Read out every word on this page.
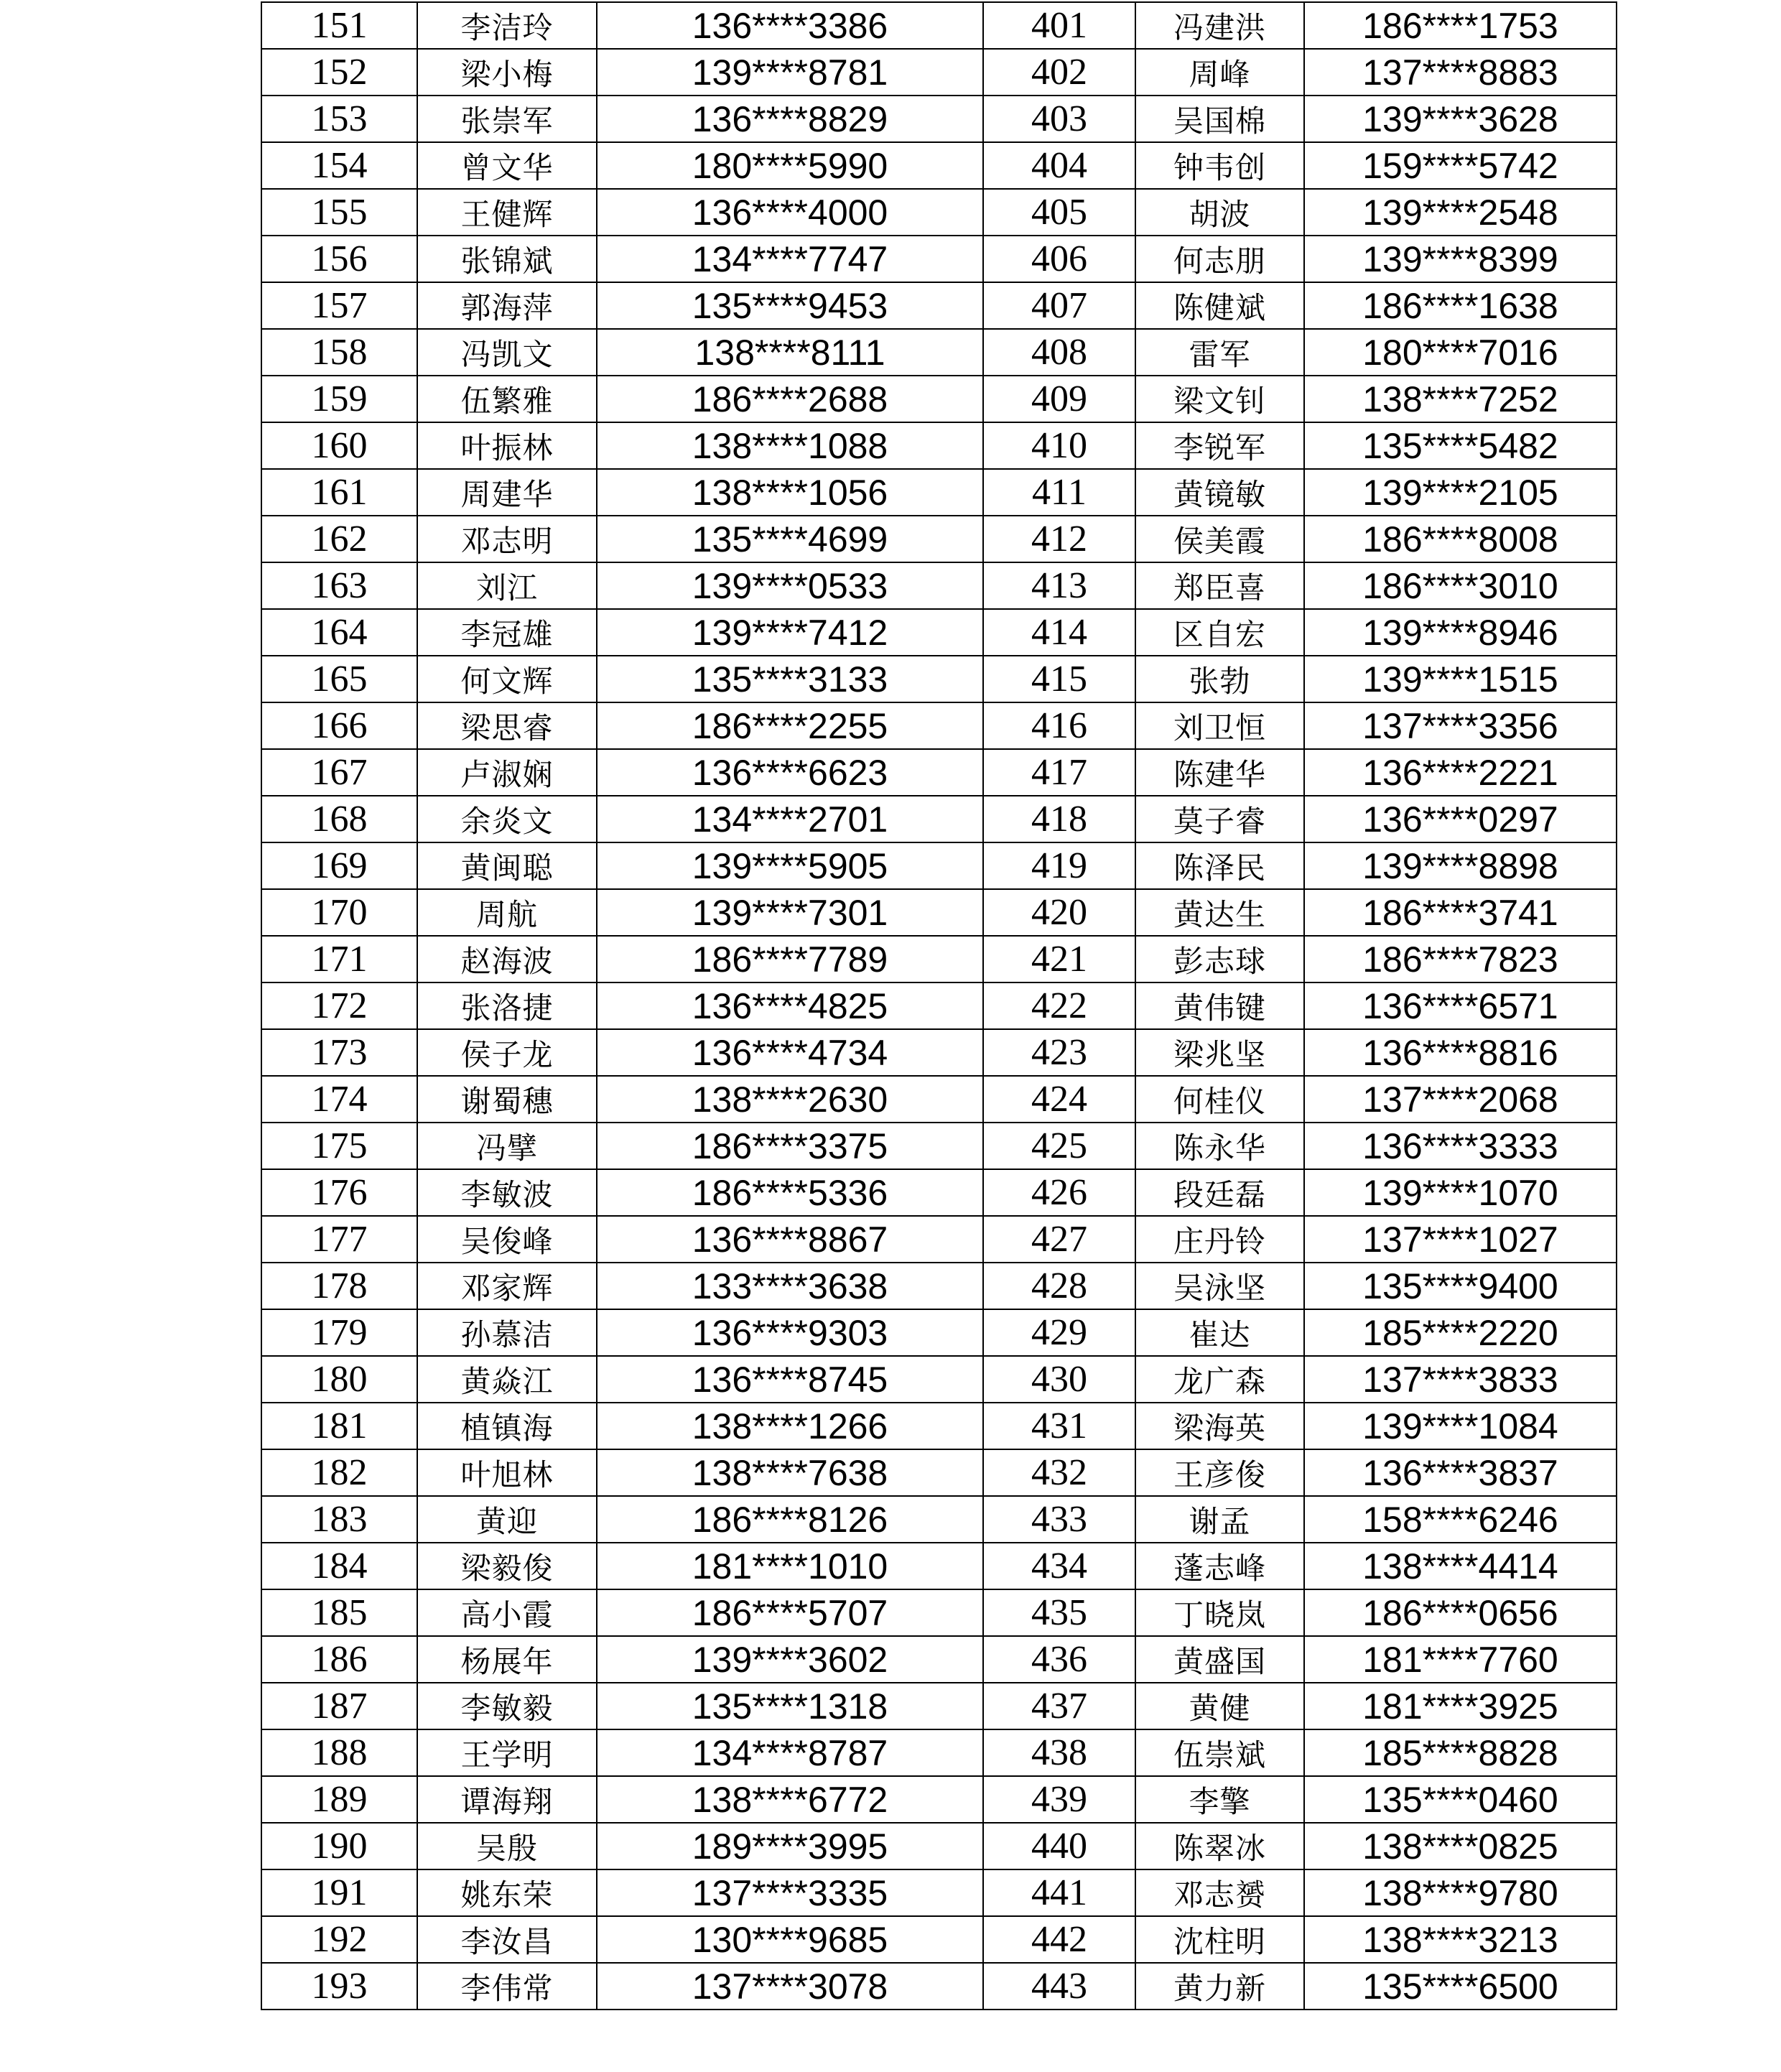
151	李洁玲	136****3386	401	冯建洪	186****1753
152	梁小梅	139****8781	402	周峰	137****8883
153	张崇军	136****8829	403	吴国棉	139****3628
154	曾文华	180****5990	404	钟韦创	159****5742
155	王健辉	136****4000	405	胡波	139****2548
156	张锦斌	134****7747	406	何志朋	139****8399
157	郭海萍	135****9453	407	陈健斌	186****1638
158	冯凯文	138****8111	408	雷军	180****7016
159	伍繁雅	186****2688	409	梁文钊	138****7252
160	叶振林	138****1088	410	李锐军	135****5482
161	周建华	138****1056	411	黄镜敏	139****2105
162	邓志明	135****4699	412	侯美霞	186****8008
163	刘江	139****0533	413	郑臣喜	186****3010
164	李冠雄	139****7412	414	区自宏	139****8946
165	何文辉	135****3133	415	张勃	139****1515
166	梁思睿	186****2255	416	刘卫恒	137****3356
167	卢淑娴	136****6623	417	陈建华	136****2221
168	余炎文	134****2701	418	莫子睿	136****0297
169	黄闽聪	139****5905	419	陈泽民	139****8898
170	周航	139****7301	420	黄达生	186****3741
171	赵海波	186****7789	421	彭志球	186****7823
172	张洛捷	136****4825	422	黄伟键	136****6571
173	侯子龙	136****4734	423	梁兆坚	136****8816
174	谢蜀穗	138****2630	424	何桂仪	137****2068
175	冯擘	186****3375	425	陈永华	136****3333
176	李敏波	186****5336	426	段廷磊	139****1070
177	吴俊峰	136****8867	427	庄丹铃	137****1027
178	邓家辉	133****3638	428	吴泳坚	135****9400
179	孙慕洁	136****9303	429	崔达	185****2220
180	黄焱江	136****8745	430	龙广森	137****3833
181	植镇海	138****1266	431	梁海英	139****1084
182	叶旭林	138****7638	432	王彦俊	136****3837
183	黄迎	186****8126	433	谢孟	158****6246
184	梁毅俊	181****1010	434	蓬志峰	138****4414
185	高小霞	186****5707	435	丁晓岚	186****0656
186	杨展年	139****3602	436	黄盛国	181****7760
187	李敏毅	135****1318	437	黄健	181****3925
188	王学明	134****8787	438	伍崇斌	185****8828
189	谭海翔	138****6772	439	李擎	135****0460
190	吴殷	189****3995	440	陈翠冰	138****0825
191	姚东荣	137****3335	441	邓志赟	138****9780
192	李汝昌	130****9685	442	沈柱明	138****3213
193	李伟常	137****3078	443	黄力新	135****6500
